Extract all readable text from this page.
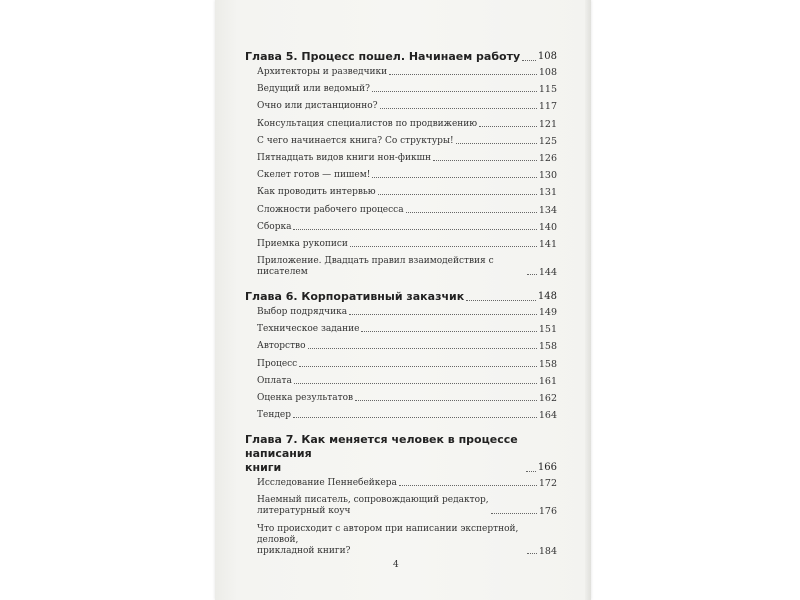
Глава 5. Процесс пошел. Начинаем работу 108
Архитекторы и разведчики	108
Ведущий или ведомый?	115
Очно или дистанционно?	117
Консультация специалистов по продвижению	121
С чего начинается книга? Со структуры!	125
Пятнадцать видов книги нон-фикшн	126
Скелет готов — пишем!	130
Как проводить интервью	131
Сложности рабочего процесса	134
Сборка	140
Приемка рукописи	141
Приложение. Двадцать правил взаимодействия с писателем	144
Глава 6. Корпоративный заказчик	148
Выбор подрядчика	149
Техническое задание	151
Авторство	158
Процесс	158
Оплата	161
Оценка результатов	162
Тендер	164
Глава 7. Как меняется человек в процессе написания
книги	166
Исследование Пеннебейкера	172
Наемный писатель, сопровождающий редактор,
литературный коуч	176
Что происходит с автором при написании экспертной, деловой,
прикладной книги?	184
4
